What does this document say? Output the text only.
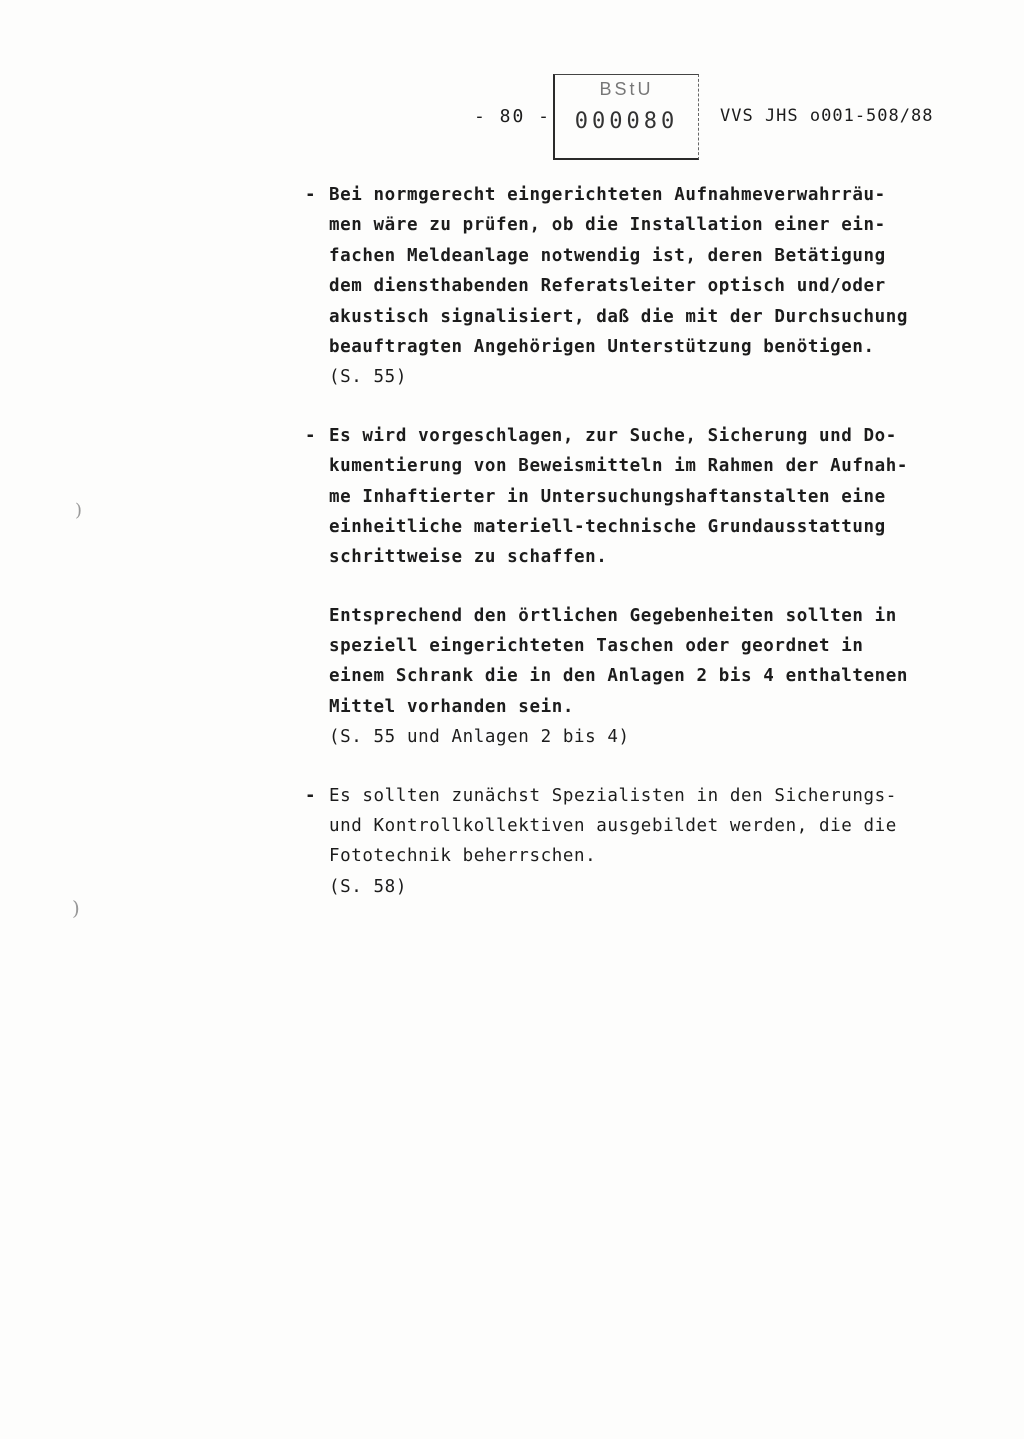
- 80 -
BStU
000080	VVS JHS o001-508/88
)
)
- Bei normgerecht eingerichteten Aufnahmeverwahrräu-
men wäre zu prüfen, ob die Installation einer ein-
fachen Meldeanlage notwendig ist, deren Betätigung
dem diensthabenden Referatsleiter optisch und/oder
akustisch signalisiert, daß die mit der Durchsuchung
beauftragten Angehörigen Unterstützung benötigen.
(S. 55)
- Es wird vorgeschlagen, zur Suche, Sicherung und Do-
kumentierung von Beweismitteln im Rahmen der Aufnah-
me Inhaftierter in Untersuchungshaftanstalten eine
einheitliche materiell-technische Grundausstattung
schrittweise zu schaffen.
Entsprechend den örtlichen Gegebenheiten sollten in
speziell eingerichteten Taschen oder geordnet in
einem Schrank die in den Anlagen 2 bis 4 enthaltenen
Mittel vorhanden sein.
(S. 55 und Anlagen 2 bis 4)
- Es sollten zunächst Spezialisten in den Sicherungs-
und Kontrollkollektiven ausgebildet werden, die die
Fototechnik beherrschen.
(S. 58)
